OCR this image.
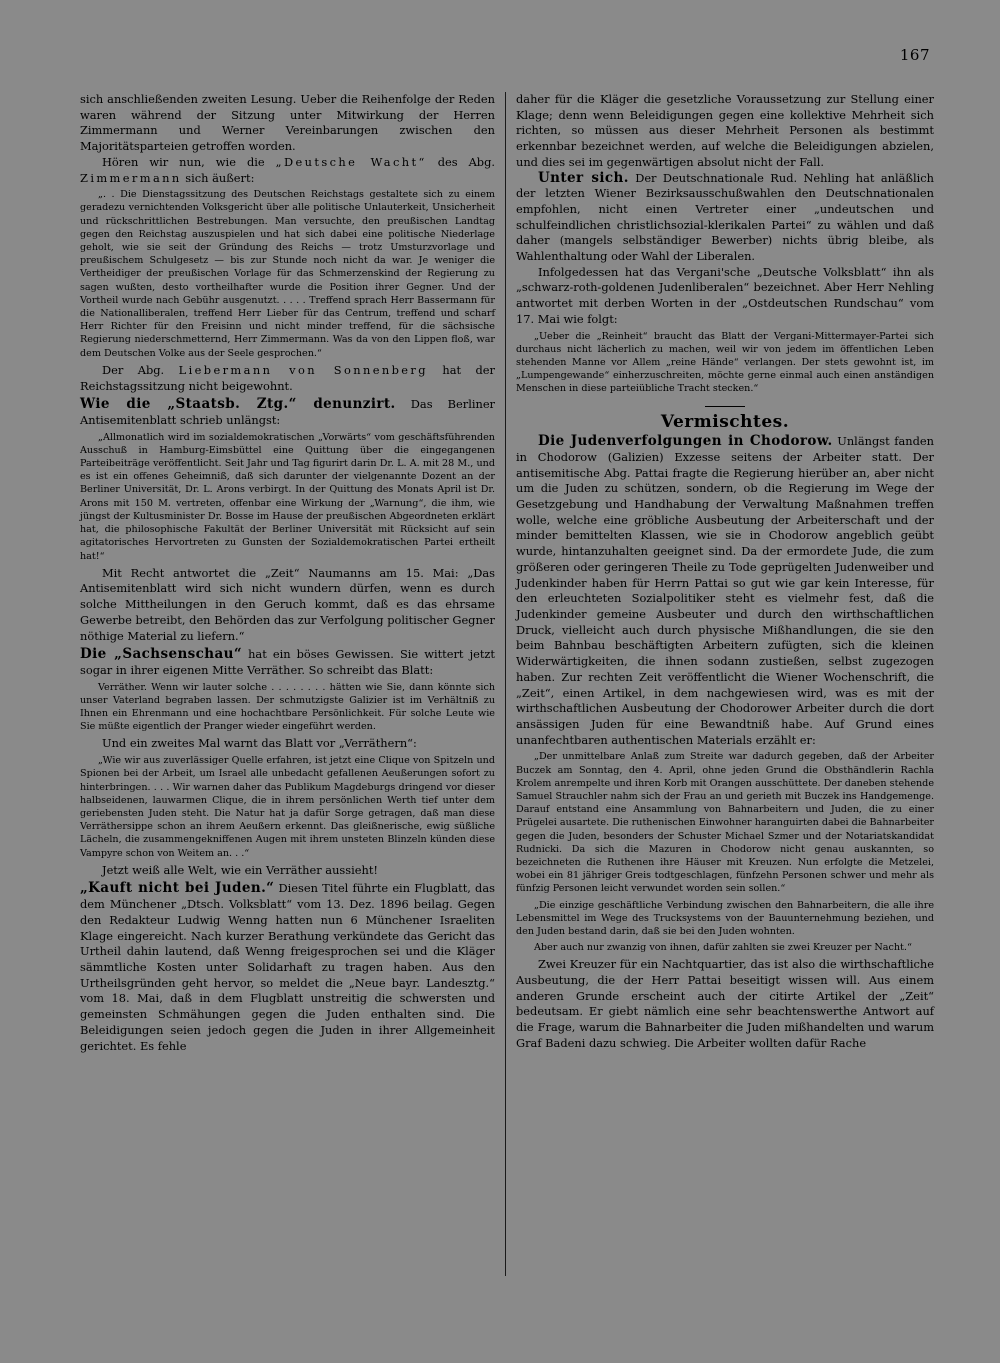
167

sich anschließenden zweiten Lesung. Ueber die Reihenfolge der Reden waren während der Sitzung unter Mitwirkung der Herren Zimmermann und Werner Vereinbarungen zwischen den Majoritätsparteien getroffen worden.

Hören wir nun, wie die „Deutsche Wacht“ des Abg. Zimmermann sich äußert:

„. . Die Dienstagssitzung des Deutschen Reichstags gestaltete sich zu einem geradezu vernichtenden Volksgericht über alle politische Unlauterkeit, Unsicherheit und rückschrittlichen Bestrebungen. Man versuchte, den preußischen Landtag gegen den Reichstag auszuspielen und hat sich dabei eine politische Niederlage geholt, wie sie seit der Gründung des Reichs — trotz Umsturzvorlage und preußischem Schulgesetz — bis zur Stunde noch nicht da war. Je weniger die Vertheidiger der preußischen Vorlage für das Schmerzenskind der Regierung zu sagen wußten, desto vortheilhafter wurde die Position ihrer Gegner. Und der Vortheil wurde nach Gebühr ausgenutzt. . . . . Treffend sprach Herr Bassermann für die Nationalliberalen, treffend Herr Lieber für das Centrum, treffend und scharf Herr Richter für den Freisinn und nicht minder treffend, für die sächsische Regierung niederschmetternd, Herr Zimmermann. Was da von den Lippen floß, war dem Deutschen Volke aus der Seele gesprochen.“

Der Abg. Liebermann von Sonnenberg hat der Reichstagssitzung nicht beigewohnt.

Wie die „Staatsb. Ztg.“ denunzirt. Das Berliner Antisemitenblatt schrieb unlängst:

„Allmonatlich wird im sozialdemokratischen „Vorwärts“ vom geschäftsführenden Ausschuß in Hamburg-Eimsbüttel eine Quittung über die eingegangenen Parteibeiträge veröffentlicht. Seit Jahr und Tag figurirt darin Dr. L. A. mit 28 M., und es ist ein offenes Geheimniß, daß sich darunter der vielgenannte Dozent an der Berliner Universität, Dr. L. Arons verbirgt. In der Quittung des Monats April ist Dr. Arons mit 150 M. vertreten, offenbar eine Wirkung der „Warnung“, die ihm, wie jüngst der Kultusminister Dr. Bosse im Hause der preußischen Abgeordneten erklärt hat, die philosophische Fakultät der Berliner Universität mit Rücksicht auf sein agitatorisches Hervortreten zu Gunsten der Sozialdemokratischen Partei ertheilt hat!“

Mit Recht antwortet die „Zeit“ Naumanns am 15. Mai: „Das Antisemitenblatt wird sich nicht wundern dürfen, wenn es durch solche Mittheilungen in den Geruch kommt, daß es das ehrsame Gewerbe betreibt, den Behörden das zur Verfolgung politischer Gegner nöthige Material zu liefern.“

Die „Sachsenschau“ hat ein böses Gewissen. Sie wittert jetzt sogar in ihrer eigenen Mitte Verräther. So schreibt das Blatt:

Verräther. Wenn wir lauter solche . . . . . . . . hätten wie Sie, dann könnte sich unser Vaterland begraben lassen. Der schmutzigste Galizier ist im Verhältniß zu Ihnen ein Ehrenmann und eine hochachtbare Persönlichkeit. Für solche Leute wie Sie müßte eigentlich der Pranger wieder eingeführt werden.

Und ein zweites Mal warnt das Blatt vor „Verräthern“:

„Wie wir aus zuverlässiger Quelle erfahren, ist jetzt eine Clique von Spitzeln und Spionen bei der Arbeit, um Israel alle unbedacht gefallenen Aeußerungen sofort zu hinterbringen. . . . Wir warnen daher das Publikum Magdeburgs dringend vor dieser halbseidenen, lauwarmen Clique, die in ihrem persönlichen Werth tief unter dem geriebensten Juden steht. Die Natur hat ja dafür Sorge getragen, daß man diese Verräthersippe schon an ihrem Aeußern erkennt. Das gleißnerische, ewig süßliche Lächeln, die zusammengekniffenen Augen mit ihrem unsteten Blinzeln künden diese Vampyre schon von Weitem an. . .“

Jetzt weiß alle Welt, wie ein Verräther aussieht!

„Kauft nicht bei Juden.“ Diesen Titel führte ein Flugblatt, das dem Münchener „Dtsch. Volksblatt“ vom 13. Dez. 1896 beilag. Gegen den Redakteur Ludwig Wenng hatten nun 6 Münchener Israeliten Klage eingereicht. Nach kurzer Berathung verkündete das Gericht das Urtheil dahin lautend, daß Wenng freigesprochen sei und die Kläger sämmtliche Kosten unter Solidarhaft zu tragen haben. Aus den Urtheilsgründen geht hervor, so meldet die „Neue bayr. Landesztg.“ vom 18. Mai, daß in dem Flugblatt unstreitig die schwersten und gemeinsten Schmähungen gegen die Juden enthalten sind. Die Beleidigungen seien jedoch gegen die Juden in ihrer Allgemeinheit gerichtet. Es fehle

daher für die Kläger die gesetzliche Voraussetzung zur Stellung einer Klage; denn wenn Beleidigungen gegen eine kollektive Mehrheit sich richten, so müssen aus dieser Mehrheit Personen als bestimmt erkennbar bezeichnet werden, auf welche die Beleidigungen abzielen, und dies sei im gegenwärtigen absolut nicht der Fall.

Unter sich. Der Deutschnationale Rud. Nehling hat anläßlich der letzten Wiener Bezirksausschußwahlen den Deutschnationalen empfohlen, nicht einen Vertreter einer „undeutschen und schulfeindlichen christlichsozial-klerikalen Partei“ zu wählen und daß daher (mangels selbständiger Bewerber) nichts übrig bleibe, als Wahlenthaltung oder Wahl der Liberalen.

Infolgedessen hat das Vergani'sche „Deutsche Volksblatt“ ihn als „schwarz-roth-goldenen Judenliberalen“ bezeichnet. Aber Herr Nehling antwortet mit derben Worten in der „Ostdeutschen Rundschau“ vom 17. Mai wie folgt:

„Ueber die „Reinheit“ braucht das Blatt der Vergani-Mittermayer-Partei sich durchaus nicht lächerlich zu machen, weil wir von jedem im öffentlichen Leben stehenden Manne vor Allem „reine Hände“ verlangen. Der stets gewohnt ist, im „Lumpengewande“ einherzuschreiten, möchte gerne einmal auch einen anständigen Menschen in diese parteiübliche Tracht stecken.“

Vermischtes.

Die Judenverfolgungen in Chodorow. Unlängst fanden in Chodorow (Galizien) Exzesse seitens der Arbeiter statt. Der antisemitische Abg. Pattai fragte die Regierung hierüber an, aber nicht um die Juden zu schützen, sondern, ob die Regierung im Wege der Gesetzgebung und Handhabung der Verwaltung Maßnahmen treffen wolle, welche eine gröbliche Ausbeutung der Arbeiterschaft und der minder bemittelten Klassen, wie sie in Chodorow angeblich geübt wurde, hintanzuhalten geeignet sind. Da der ermordete Jude, die zum größeren oder geringeren Theile zu Tode geprügelten Judenweiber und Judenkinder haben für Herrn Pattai so gut wie gar kein Interesse, für den erleuchteten Sozialpolitiker steht es vielmehr fest, daß die Judenkinder gemeine Ausbeuter und durch den wirthschaftlichen Druck, vielleicht auch durch physische Mißhandlungen, die sie den beim Bahnbau beschäftigten Arbeitern zufügten, sich die kleinen Widerwärtigkeiten, die ihnen sodann zustießen, selbst zugezogen haben. Zur rechten Zeit veröffentlicht die Wiener Wochenschrift, die „Zeit“, einen Artikel, in dem nachgewiesen wird, was es mit der wirthschaftlichen Ausbeutung der Chodorower Arbeiter durch die dort ansässigen Juden für eine Bewandtniß habe. Auf Grund eines unanfechtbaren authentischen Materials erzählt er:

„Der unmittelbare Anlaß zum Streite war dadurch gegeben, daß der Arbeiter Buczek am Sonntag, den 4. April, ohne jeden Grund die Obsthändlerin Rachla Krolem anrempelte und ihren Korb mit Orangen ausschüttete. Der daneben stehende Samuel Strauchler nahm sich der Frau an und gerieth mit Buczek ins Handgemenge. Darauf entstand eine Ansammlung von Bahnarbeitern und Juden, die zu einer Prügelei ausartete. Die ruthenischen Einwohner haranguirten dabei die Bahnarbeiter gegen die Juden, besonders der Schuster Michael Szmer und der Notariatskandidat Rudnicki. Da sich die Mazuren in Chodorow nicht genau auskannten, so bezeichneten die Ruthenen ihre Häuser mit Kreuzen. Nun erfolgte die Metzelei, wobei ein 81 jähriger Greis todtgeschlagen, fünfzehn Personen schwer und mehr als fünfzig Personen leicht verwundet worden sein sollen.“

„Die einzige geschäftliche Verbindung zwischen den Bahnarbeitern, die alle ihre Lebensmittel im Wege des Trucksystems von der Bauunternehmung beziehen, und den Juden bestand darin, daß sie bei den Juden wohnten.

Aber auch nur zwanzig von ihnen, dafür zahlten sie zwei Kreuzer per Nacht.“

Zwei Kreuzer für ein Nachtquartier, das ist also die wirthschaftliche Ausbeutung, die der Herr Pattai beseitigt wissen will. Aus einem anderen Grunde erscheint auch der citirte Artikel der „Zeit“ bedeutsam. Er giebt nämlich eine sehr beachtenswerthe Antwort auf die Frage, warum die Bahnarbeiter die Juden mißhandelten und warum Graf Badeni dazu schwieg. Die Arbeiter wollten dafür Rache
